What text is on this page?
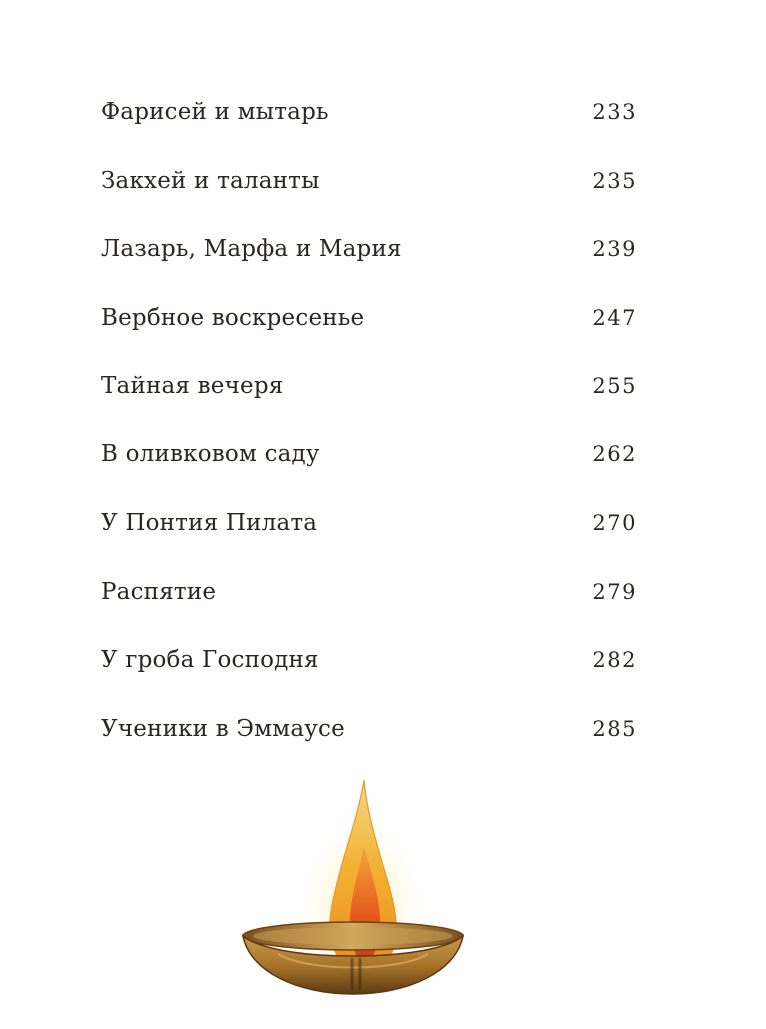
Фарисей и мытарь	233
Закхей и таланты	235
Лазарь, Марфа и Мария	239
Вербное воскресенье	247
Тайная вечеря	255
В оливковом саду	262
У Понтия Пилата	270
Распятие	279
У гроба Господня	282
Ученики в Эммаусе	285
